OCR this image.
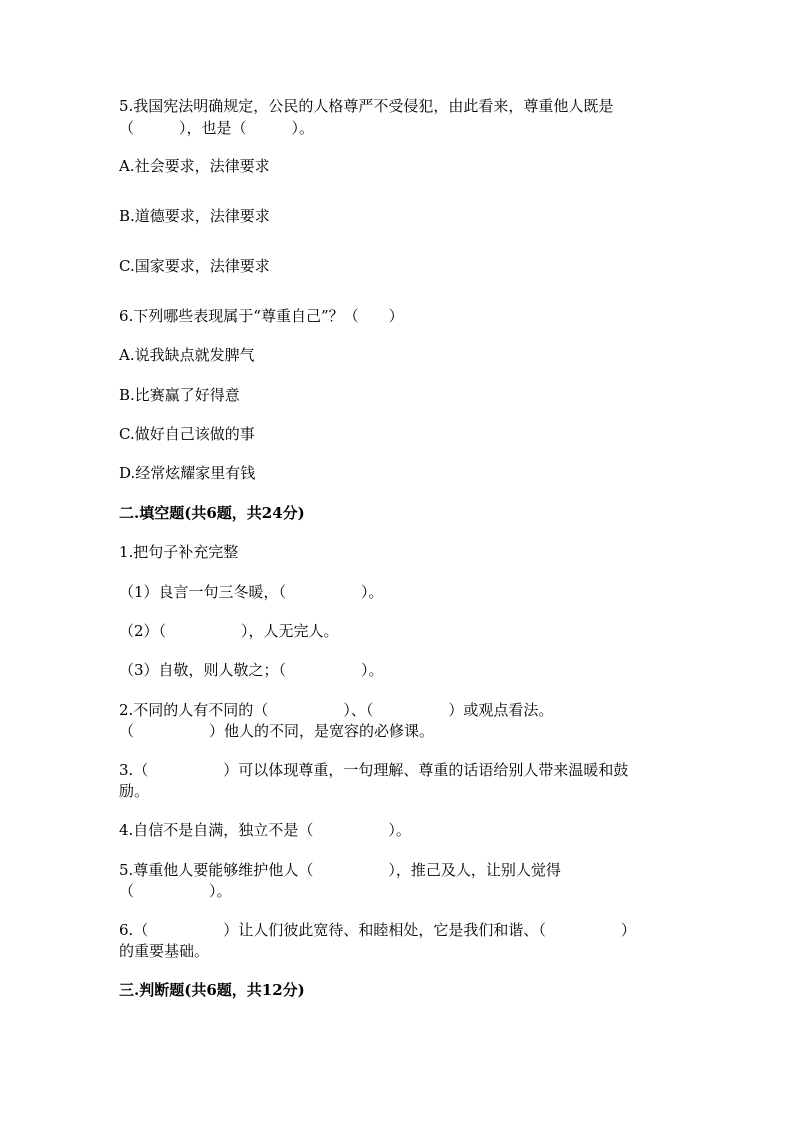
5.我国宪法明确规定，公民的人格尊严不受侵犯，由此看来，尊重他人既是

（　　　），也是（　　　）。

A.社会要求，法律要求

B.道德要求，法律要求

C.国家要求，法律要求

6.下列哪些表现属于“尊重自己”？（　　）

A.说我缺点就发脾气

B.比赛赢了好得意

C.做好自己该做的事

D.经常炫耀家里有钱

二.填空题(共6题，共24分)

1.把句子补充完整

（1）良言一句三冬暖，（　　　　　）。

（2）（　　　　　），人无完人。

（3）自敬，则人敬之；（　　　　　）。

2.不同的人有不同的（　　　　　）、（　　　　　）或观点看法。

（　　　　　）他人的不同，是宽容的必修课。

3.（　　　　　）可以体现尊重，一句理解、尊重的话语给别人带来温暖和鼓

励。

4.自信不是自满，独立不是（　　　　　）。

5.尊重他人要能够维护他人（　　　　　），推己及人，让别人觉得

（　　　　　）。

6.（　　　　　）让人们彼此宽待、和睦相处，它是我们和谐、（　　　　　）

的重要基础。

三.判断题(共6题，共12分)
